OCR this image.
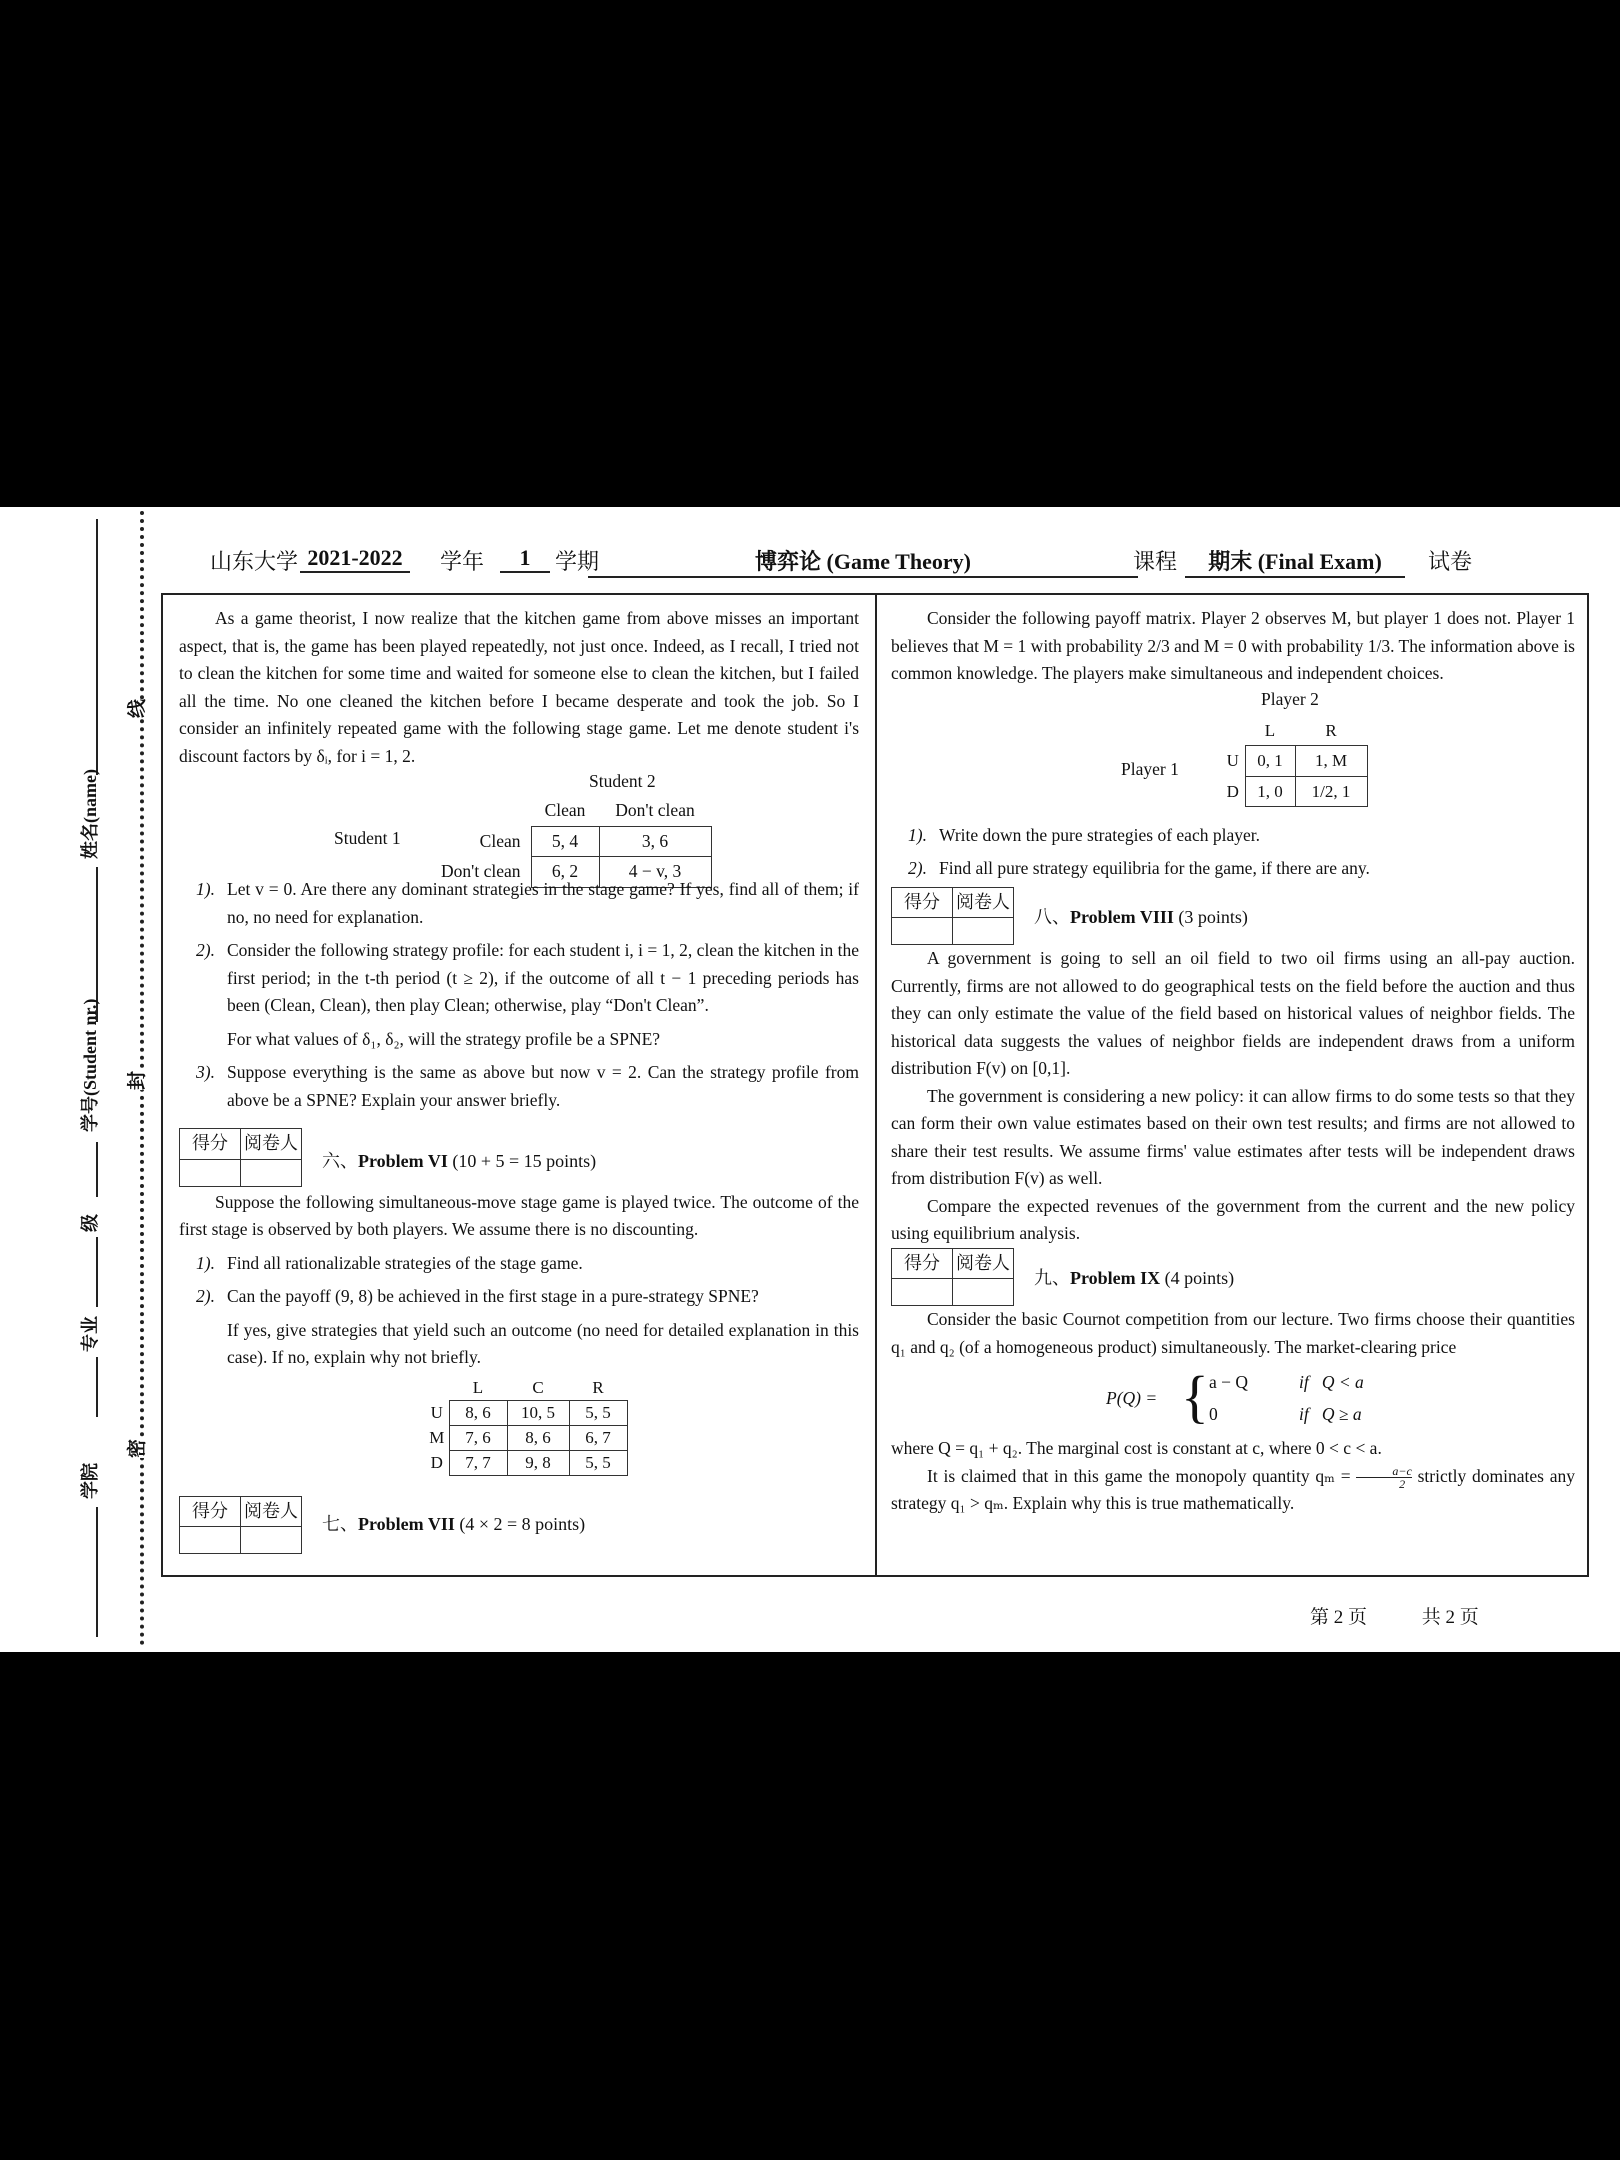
姓名(name)
学号(Student nr.)
级
专业
学院
线
封
密
山东大学 2021-2022	学年	1	学期	博弈论 (Game Theory)	课程	期末 (Final Exam)	试卷

As a game theorist, I now realize that the kitchen game from above misses an important aspect, that is, the game has been played repeatedly, not just once. Indeed, as I recall, I tried not to clean the kitchen for some time and waited for someone else to clean the kitchen, but I failed all the time. No one cleaned the kitchen before I became desperate and took the job. So I consider an infinitely repeated game with the following stage game. Let me denote student i's discount factors by δᵢ, for i = 1, 2.

Student 2
Student 1
	Clean	Don't clean
Clean	5, 4	3, 6
Don't clean	6, 2	4 − v, 3

1). Let v = 0. Are there any dominant strategies in the stage game? If yes, find all of them; if no, no need for explanation.

2). Consider the following strategy profile: for each student i, i = 1, 2, clean the kitchen in the first period; in the t-th period (t ≥ 2), if the outcome of all t − 1 preceding periods has been (Clean, Clean), then play Clean; otherwise, play “Don't Clean”.

For what values of δ₁, δ₂, will the strategy profile be a SPNE?

3). Suppose everything is the same as above but now v = 2. Can the strategy profile from above be a SPNE? Explain your answer briefly.

得分	阅卷人

六、Problem VI (10 + 5 = 15 points)

Suppose the following simultaneous-move stage game is played twice. The outcome of the first stage is observed by both players. We assume there is no discounting.

1). Find all rationalizable strategies of the stage game.

2). Can the payoff (9, 8) be achieved in the first stage in a pure-strategy SPNE?

If yes, give strategies that yield such an outcome (no need for detailed explanation in this case). If no, explain why not briefly.

	L	C	R
U	8, 6	10, 5	5, 5
M	7, 6	8, 6	6, 7
D	7, 7	9, 8	5, 5
得分	阅卷人

七、Problem VII (4 × 2 = 8 points)

Consider the following payoff matrix. Player 2 observes M, but player 1 does not. Player 1 believes that M = 1 with probability 2/3 and M = 0 with probability 1/3. The information above is common knowledge. The players make simultaneous and independent choices.

Player 2
Player 1
	L	R
U	0, 1	1, M
D	1, 0	1/2, 1

1). Write down the pure strategies of each player.

2). Find all pure strategy equilibria for the game, if there are any.

得分	阅卷人

八、Problem VIII (3 points)

A government is going to sell an oil field to two oil firms using an all-pay auction. Currently, firms are not allowed to do geographical tests on the field before the auction and thus they can only estimate the value of the field based on historical values of neighbor fields. The historical data suggests the values of neighbor fields are independent draws from a uniform distribution F(v) on [0,1].

The government is considering a new policy: it can allow firms to do some tests so that they can form their own value estimates based on their own test results; and firms are not allowed to share their test results. We assume firms' value estimates after tests will be independent draws from distribution F(v) as well.

Compare the expected revenues of the government from the current and the new policy using equilibrium analysis.

得分	阅卷人

九、Problem IX (4 points)

Consider the basic Cournot competition from our lecture. Two firms choose their quantities q₁ and q₂ (of a homogeneous product) simultaneously. The market-clearing price

P(Q) = { a − Q	if   Q < a
0	if   Q ≥ a

where Q = q₁ + q₂. The marginal cost is constant at c, where 0 < c < a.

It is claimed that in this game the monopoly quantity $q_m = \frac{a-c}{2}$ strictly dominates any strategy q₁ > qₘ. Explain why this is true mathematically.

第 2 页	共 2 页
